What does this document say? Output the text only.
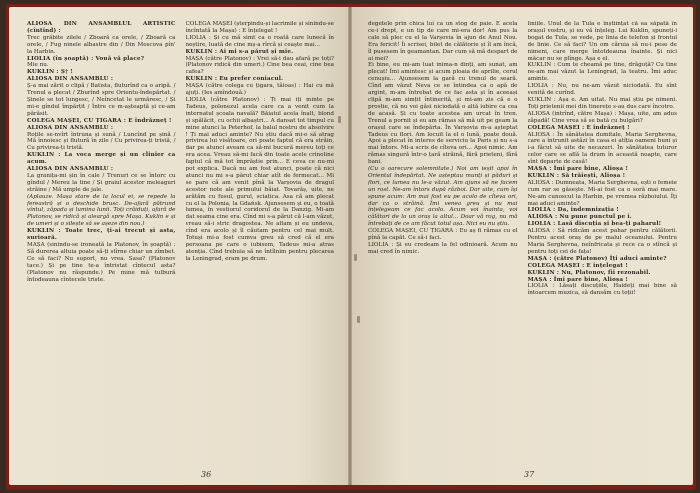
ALIOSA DIN ANSAMBLUL ARTISTIC (cîntînd) :

Trec grăbite zilele / Zboară ca orele, / Zboară ca orele, / Fug ninele albastre din / Din Moscova pîn' la Harbin.

LIOLIA (în șoaptă) : Vouă vă place?

Mie nu.

KUKLIN : Ș† !

ALIOSA DIN ANSAMBLU :

Ș-a mai zărit o clipă / Batista, fluturînd ca o aripă. / Trenul a plecat / Zburînd spre Orientu-îndepărtat. / Șinele se tot lungesc, / Neîncetat le urmăresc, / Și mi-e gîndul împărțit / Între ce m-așteaptă și ce-am părăsit.

COLEGA MAȘEI, CU ȚIGARA : E îndrăzneț !

ALIOSA DIN ANSAMBLU :

Roțile se-nvîrt întruna și sună / Luncînd pe șină / Mă înnoiesc și flutură în zile / Cu privirea-ți tristă, / Cu privirea-ți tristă.

KUKLIN : La voca merge și un clinier ca acum.

ALIOSA DIN ANSAMBLU :

La granița-mi șin în cale / Trenuri ce se întorc cu gîndul / Mereu la tine / Și graiul acestor meleaguri străine / Mă umple de jale.

(Aplauze. Mașa stare de la locul ei, se repede la fereastră și o deschide brusc. De-afară pătrund vîntul, zăpada și lumina lunii. Toți crăiduți, afară de Platonov, se ridică și aleargă spre Mașa. Kuklin e și de umeri și o silește să se așeze din nou.)

KUKLIN : Toate trec, ți-ai trecut și asta, surioară.

MAȘA (sinindu-se ironeată la Platonov, în șoaptă) : Să durerea altuia poate să-ți stîrne chiar un zîmbet. Ce să faci? Nu suport, nu vrea. Sasa? (Platonov tace.) Și pe tine te-a întristat cîntecul asta? (Platonov nu răspunde.) Pe mine mă tulbură întodeauna cîntecele triste.

COLEGA MAȘEI (șterpindu-și lacrimile și sinindu-se încîntată la Mașa) : E înțelegat !

LIOLIA : Și cu mă simt ca o roată care lunecă în neștire, luată de cine mș-a rîrcă și ceaște mai...

KUKLIN : Ai mi s-a părut și mie.

MAȘA (către Platonov) : Vrei să-i dau afară pe toți? (Platonov ridică din umeri.) Cine bea ceai, cine bea cafea?

KUKLIN : Eu prefer coniacul.

MAȘA (către colega cu țigara, tăioas) : Hai cu mă ajuți. (Ies amîndouă.)

LIOLIA (către Platonov) : Ți mai iți minte pe Tadeus, polonezul acela care ca a venit cum la internatul școala navală? Băiatul acela înalt, blond și spălăcit, cu ochii albaștri... A dansat tot timpul cu mine atunci la Peterhof, la balul nostru de absolvire ! Ți mai aduci aminte? Nu știu dacă mi-o să atrag privirea lui visătoare, ori poate faptul că era străin, dar pe atunci aveam ca să-mi bucură mereu toți ce era acea. Vreau să-mi facă din toate acele crinoline faptul că mă tot împrăștie prin... E ceva ce nu-mi pot explica. Dacă nu am fost atunci, poate că nici atunci nu mi s-a părut chiar atît de fermecat... Mi se pare că am venit pînă la Varșovia de dragul acestor note ale primului băiat. Tovarăș, uite, ne arătăm cu fusul, gurul, sciatica. Asa că am plecat cu el la Polonia, la Gdańsk. Ajunsesem și eu, o toată lumea, în vestiorul coridorul de la Danzig. Mi-am dat seama cine era. Cînd mi s-a părut că l-am văzut, vreau să-i stric dragostea. Ne aflam și eu undeva, cînd era acolo și îl căutam pentru cel mai mult. Totuși mi-a fost cumva greu să cred că el era persoana pe care o iubisem, Tadeus mi-a atras atenția. Cînd trebuia să ne întîlnim pentru plecarea la Leningrad, eram pe drum.

36

degetele prin chica lui ca un stog de paie. E acela ce-i drept, e un tip de care mi-era dor! Am pus la cale să plec cu el la Varșovia în ajun de Anul Nou. Era fericit! Îi scrisei, bilet de călătorie și îl am încă, îl pusesem în geamantan. Dar cum să mă despart de ai mei?

Ei bine, eu mi-am luat inima-n dinți, am sunat, am plecat! Îmi amintesc și acum ploaia de aprilie, cerul cenușiu... Ajunsesem la gară cu trenul de seară. Cînd am văzut Neva ce se întindea ca o apă de argint, m-am întrebat de ce fac asta și în aceeași clipă m-am simțit întinerită, și mi-am zis că e o prostie, că nu voi găsi niciodată o altă iubire ca cea de acasă. Și cu toate acestea am urcat în tren. Trenul a pornit și eu am rămas să mă uit pe geam la orașul care se îndepărta. În Varșovia m-a așteptat Tadeus cu flori. Am locuit la el o lună, poate două. Apoi a plecat în interes de serviciu la Paris și nu s-a mai întors. Mi-a scris de cîteva ori... Apoi nimic. Am rămas singură într-o țară străină, fără prieteni, fără bani.

(Cu o oarecare solemnitate.) Noi am ieșit apoi în Orientul îndepărtat. Ne așteptau munți și păduri și flori, ce lumea nu le-a văzut. Am ajuns să ne facem un rost. Ne-am întors după război. Dar uite, cum își spune acum: Am mai fost eu pe acolo de cîteva ori, dar ca o străină. Îmi venea greu și nu mai înțelegeam ce fac acolo. Acum voi înainta, voi călători de la un oraș la altul... Doar vă rog, nu mă întrebați de ce am făcut totul așa. Nici eu nu știu.

COLEGA MAȘEI, CU ȚIGARA : Eu aș fi rămas cu el pînă la capăt. Ce să-i faci.

LIOLIA : Și eu credeam la fel odinioară. Acum nu mai cred în nimic.

liniile. Unul de la Tula e înștiințat că ea săpată în orașul vostru, și eu vă înțeleg. Lui Kuklin, spuneți-i bogat de Tula, se vede, pe linia de telefon și frontul de linie. Ce să faci? Un om căruia să nu-i pese de nimeni, care merge întotdeauna înainte. Și nici măcar nu se plînge. Așa e el.

KUKLIN : Cum te cheamă pe tine, drăguță? Cu tine ne-am mai văzut la Leningrad, la teatru. Îmi aduc aminte.

LIOLIA : Nu, nu ne-am văzut niciodată. Eu sînt venită de curînd.

KUKLIN : Așa e. Am uitat. Nu mai știu pe nimeni. Toți prietenii mei din tinerețe s-au dus care încotro.

ALIOSA (intrînd, către Mașa) : Mașa, uite, am adus zăpadă! Cine vrea să se bată cu bulgări?

COLEGA MAȘEI : E îndrăzneț !

ALIOSA : În sănătatea dumitale, Maria Serghevna, care a întrunit astăzi în casa ei atîția oameni buni și i-a făcut să uite de necazuri. În sănătatea tuturor celor care se află la drum în această noapte, care sînt departe de casă!

MAȘA : Îmi pare bine, Alioșa !

KUKLIN : Să trăiești, Alioșa !

ALIOSA : Dumneata, Maria Serghevna, ești o femeie cum rar se găsește. Mi-ai fost ca o soră mai mare. Ne-am cunoscut la Harbin, pe vremea războiului. Îți mai aduci aminte?

LIOLIA : Da, indemnizația !

ALIOSA : Nu pune punctul pe i.

LIOLIA : Lasă discuția și bea-ți paharul!

ALIOSA : Să ridicăm acest pahar pentru călătorii. Pentru acest oraș de pe malul oceanului. Pentru Maria Serghevna, neînfricata și rece ca o stîncă și pentru toți cei de fața!

MAȘA : (către Platonov) Îți aduci aminte?

COLEGA MAȘEI : E înțelegat !

KUKLIN : Nu, Platonov, fii rezonabil.

MAȘA : Îmi pare bine, Alioșa !

LIOLIA : Lăsați discuțiile, Haideți mai bine să întoarcem muzica, să dansăm cu toții!

37
